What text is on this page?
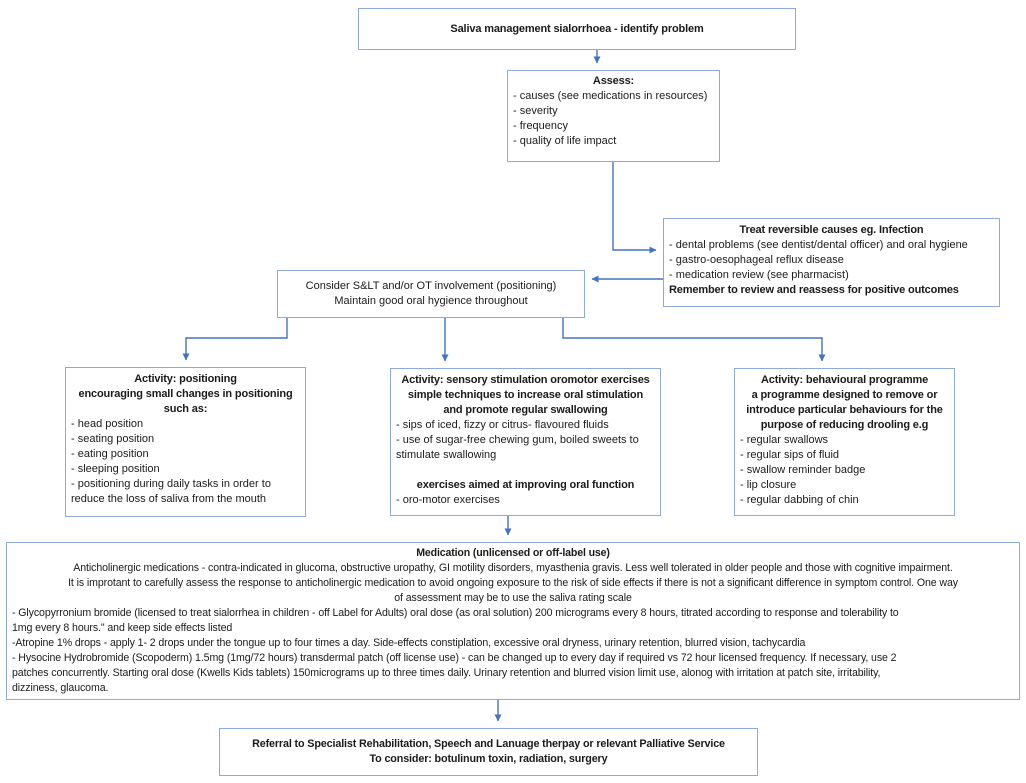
Saliva management sialorrhoea - identify problem
Assess:
- causes (see medications in resources)
- severity
- frequency
- quality of life impact
Treat reversible causes eg. Infection
- dental problems (see dentist/dental officer) and oral hygiene
- gastro-oesophageal reflux disease
- medication review (see pharmacist)
Remember to review and reassess for positive outcomes
Consider S&LT and/or OT involvement (positioning)
Maintain good oral hygience throughout
Activity: positioning
encouraging small changes in positioning
such as:
- head position
- seating position
- eating position
- sleeping position
- positioning during daily tasks in order to
reduce the loss of saliva from the mouth
Activity: sensory stimulation oromotor exercises
simple techniques to increase oral stimulation
and promote regular swallowing
- sips of iced, fizzy or citrus- flavoured fluids
- use of sugar-free chewing gum, boiled sweets to
stimulate swallowing

exercises aimed at improving oral function
- oro-motor exercises
Activity: behavioural programme
a programme designed to remove or
introduce particular behaviours for the
purpose of reducing drooling e.g
- regular swallows
- regular sips of fluid
- swallow reminder badge
- lip closure
- regular dabbing of chin
Medication (unlicensed or off-label use)
Anticholinergic medications - contra-indicated in glucoma, obstructive uropathy, GI motility disorders, myasthenia gravis. Less well tolerated in older people and those with cognitive impairment.
It is improtant to carefully assess the response to anticholinergic medication to avoid ongoing exposure to the risk of side effects if there is not a significant difference in symptom control. One way
of assessment may be to use the saliva rating scale
- Glycopyrronium bromide (licensed to treat sialorrhea in children - off Label for Adults) oral dose (as oral solution) 200 micrograms every 8 hours, titrated according to response and tolerability to
1mg every 8 hours." and keep side effects listed
-Atropine 1% drops - apply 1- 2 drops under the tongue up to four times a day. Side-effects constiplation, excessive oral dryness, urinary retention, blurred vision, tachycardia
- Hysocine Hydrobromide (Scopoderm) 1.5mg (1mg/72 hours) transdermal patch (off license use) - can be changed up to every day if required vs 72 hour licensed frequency. If necessary, use 2
patches concurrently. Starting oral dose (Kwells Kids tablets) 150micrograms up to three times daily. Urinary retention and blurred vision limit use, alonog with irritation at patch site, irritability,
dizziness, glaucoma.
Referral to Specialist Rehabilitation, Speech and Lanuage therpay or relevant Palliative Service
To consider: botulinum toxin, radiation, surgery
